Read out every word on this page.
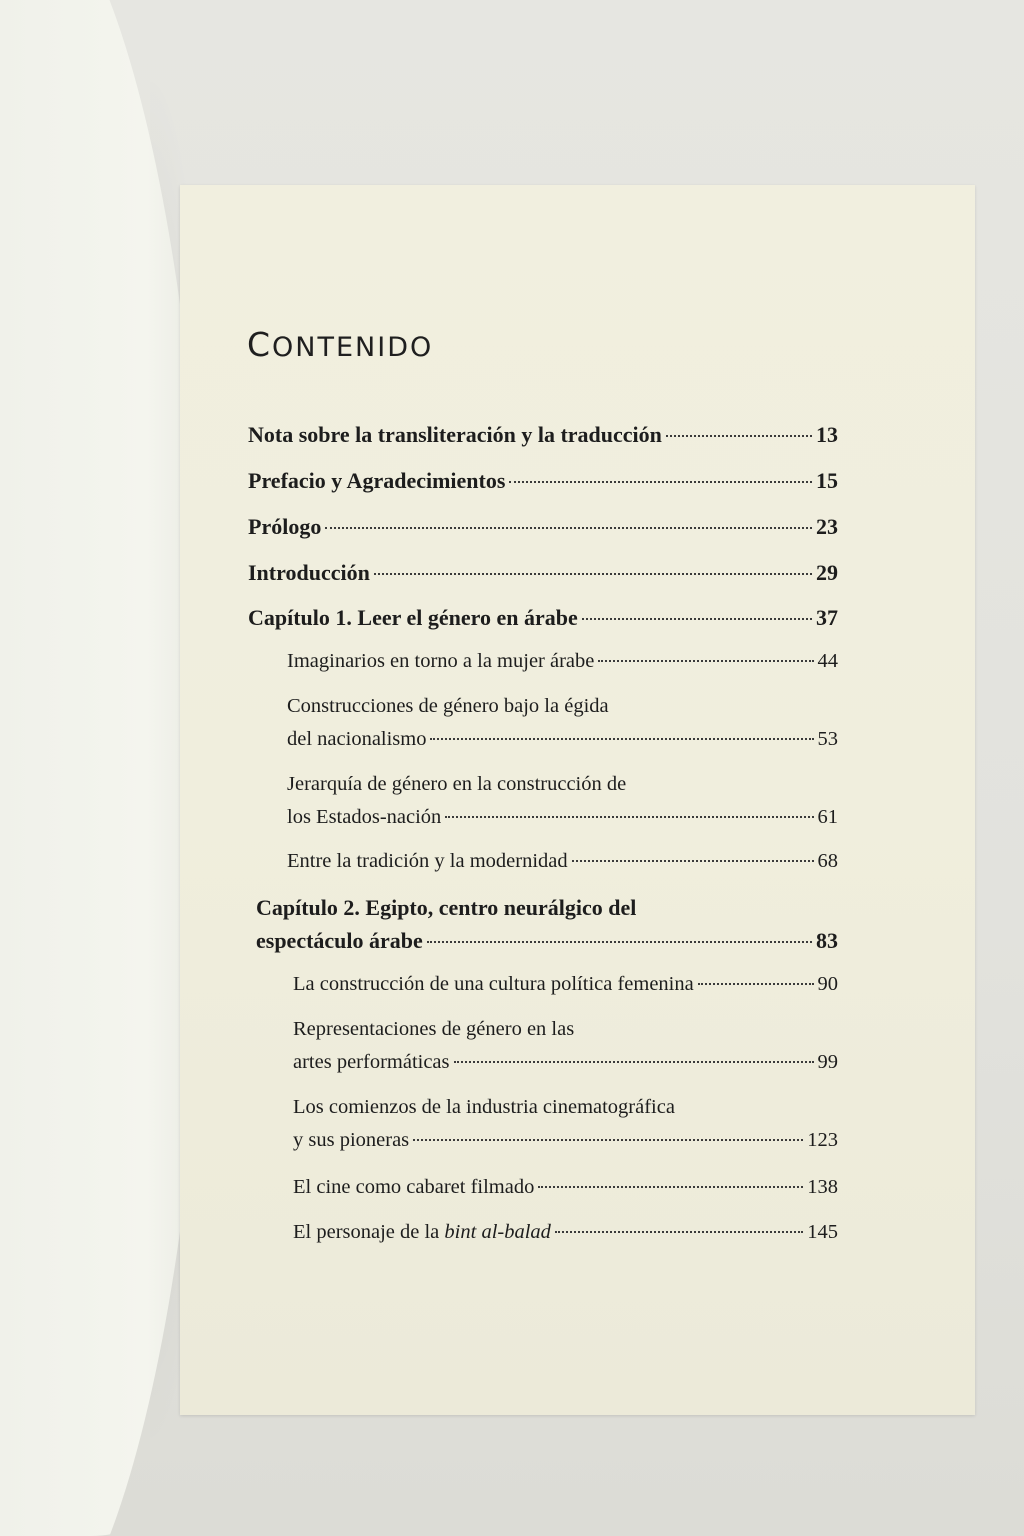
CONTENIDO
Nota sobre la transliteración y la traducción	13
Prefacio y Agradecimientos	15
Prólogo	23
Introducción	29
Capítulo 1. Leer el género en árabe	37
Imaginarios en torno a la mujer árabe	44
Construcciones de género bajo la égida
del nacionalismo	53
Jerarquía de género en la construcción de
los Estados-nación	61
Entre la tradición y la modernidad	68
Capítulo 2. Egipto, centro neurálgico del
espectáculo árabe	83
La construcción de una cultura política femenina	90
Representaciones de género en las
artes performáticas	99
Los comienzos de la industria cinematográfica
y sus pioneras	123
El cine como cabaret filmado	138
El personaje de la bint al-balad	145
